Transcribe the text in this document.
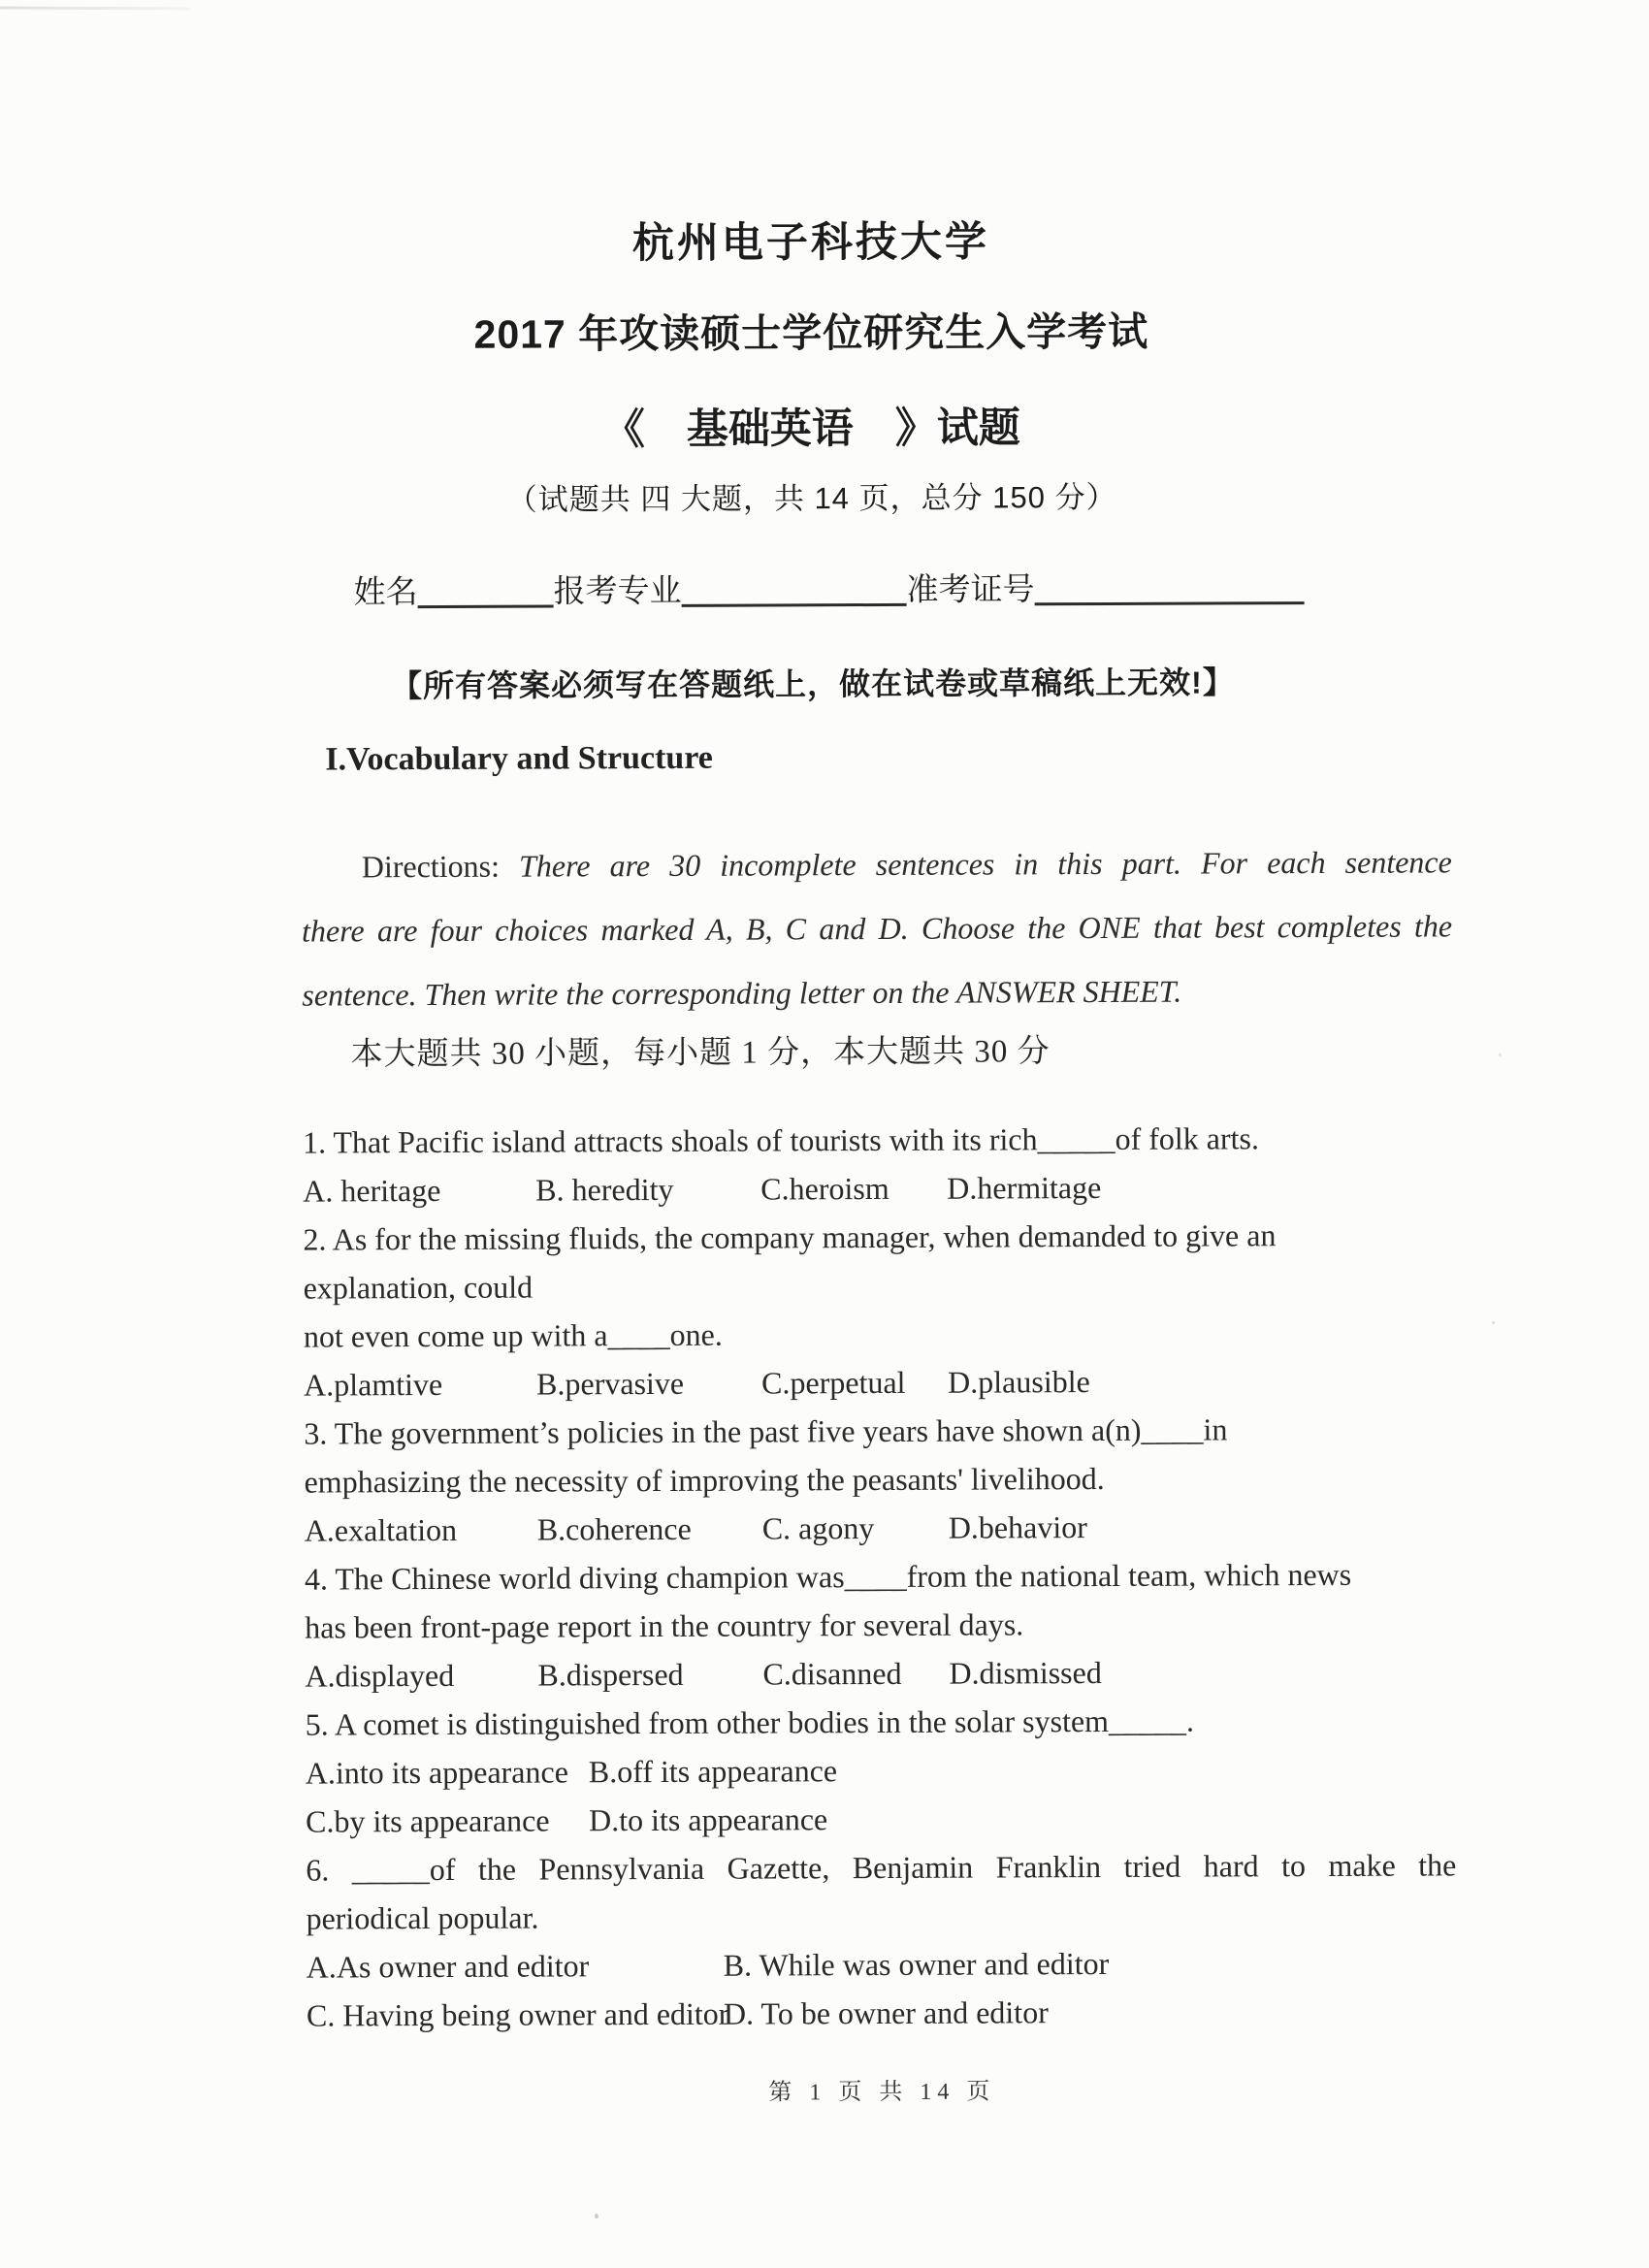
杭州电子科技大学
2017 年攻读硕士学位研究生入学考试
《　基础英语　》试题
（试题共 四 大题，共 14 页，总分 150 分）
姓名	报考专业	准考证号
【所有答案必须写在答题纸上，做在试卷或草稿纸上无效!】
I.Vocabulary and Structure
Directions: There are 30 incomplete sentences in this part. For each sentence
there are four choices marked A, B, C and D. Choose the ONE that best completes the
sentence. Then write the corresponding letter on the ANSWER SHEET.
本大题共 30 小题，每小题 1 分，本大题共 30 分
1. That Pacific island attracts shoals of tourists with its rich_____of folk arts.
A. heritage	B. heredity	C.heroism	D.hermitage
2. As for the missing fluids, the company manager, when demanded to give an
explanation, could
not even come up with a____one.
A.plamtive	B.pervasive	C.perpetual	D.plausible
3. The government’s policies in the past five years have shown a(n)____in
emphasizing the necessity of improving the peasants' livelihood.
A.exaltation	B.coherence	C. agony	D.behavior
4. The Chinese world diving champion was____from the national team, which news
has been front-page report in the country for several days.
A.displayed	B.dispersed	C.disanned	D.dismissed
5. A comet is distinguished from other bodies in the solar system_____.
A.into its appearance B.off its appearance
C.by its appearance	D.to its appearance
6. _____of the Pennsylvania Gazette, Benjamin Franklin tried hard to make the
periodical popular.
A.As owner and editor	B. While was owner and editor
C. Having being owner and editor
D. To be owner and editor
第 1 页 共 14 页
